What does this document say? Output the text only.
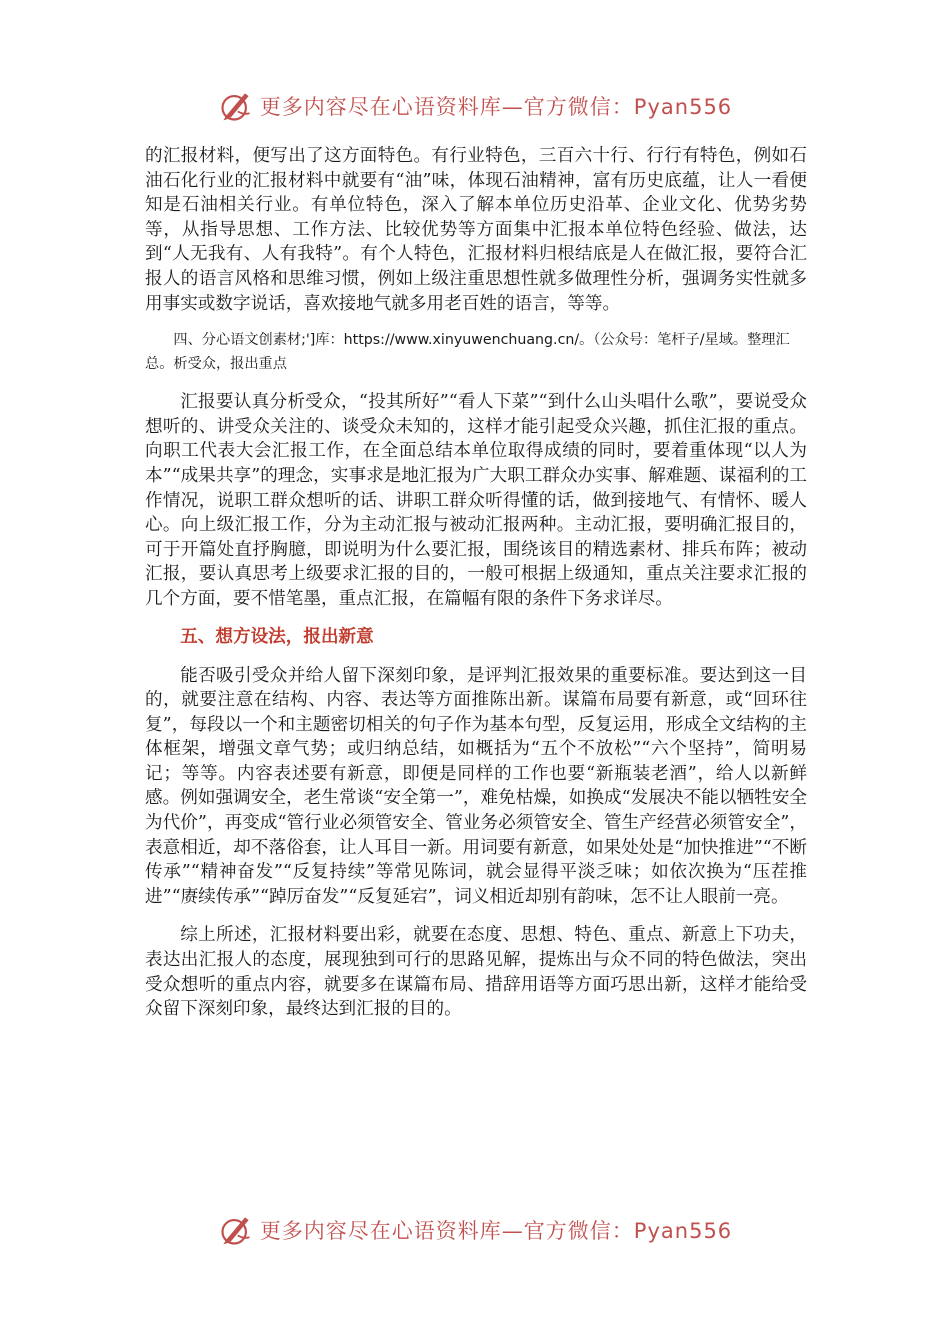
更多内容尽在心语资料库—官方微信：Pyan556

的汇报材料，便写出了这方面特色。有行业特色，三百六十行、行行有特色，例如石油石化行业的汇报材料中就要有“油”味，体现石油精神，富有历史底蕴，让人一看便知是石油相关行业。有单位特色，深入了解本单位历史沿革、企业文化、优势劣势等，从指导思想、工作方法、比较优势等方面集中汇报本单位特色经验、做法，达到“人无我有、人有我特”。有个人特色，汇报材料归根结底是人在做汇报，要符合汇报人的语言风格和思维习惯，例如上级注重思想性就多做理性分析，强调务实性就多用事实或数字说话，喜欢接地气就多用老百姓的语言，等等。

四、分心语文创素材;']库：https://www.xinyuwenchuang.cn/。（公众号：笔杆子/星域。整理汇总。析受众，报出重点

汇报要认真分析受众，“投其所好”“看人下菜”“到什么山头唱什么歌”，要说受众想听的、讲受众关注的、谈受众未知的，这样才能引起受众兴趣，抓住汇报的重点。向职工代表大会汇报工作，在全面总结本单位取得成绩的同时，要着重体现“以人为本”“成果共享”的理念，实事求是地汇报为广大职工群众办实事、解难题、谋福利的工作情况，说职工群众想听的话、讲职工群众听得懂的话，做到接地气、有情怀、暖人心。向上级汇报工作，分为主动汇报与被动汇报两种。主动汇报，要明确汇报目的，可于开篇处直抒胸臆，即说明为什么要汇报，围绕该目的精选素材、排兵布阵；被动汇报，要认真思考上级要求汇报的目的，一般可根据上级通知，重点关注要求汇报的几个方面，要不惜笔墨，重点汇报，在篇幅有限的条件下务求详尽。

五、想方设法，报出新意

能否吸引受众并给人留下深刻印象，是评判汇报效果的重要标准。要达到这一目的，就要注意在结构、内容、表达等方面推陈出新。谋篇布局要有新意，或“回环往复”，每段以一个和主题密切相关的句子作为基本句型，反复运用，形成全文结构的主体框架，增强文章气势；或归纳总结，如概括为“五个不放松”“六个坚持”，简明易记；等等。内容表述要有新意，即便是同样的工作也要“新瓶装老酒”，给人以新鲜感。例如强调安全，老生常谈“安全第一”，难免枯燥，如换成“发展决不能以牺牲安全为代价”，再变成“管行业必须管安全、管业务必须管安全、管生产经营必须管安全”，表意相近，却不落俗套，让人耳目一新。用词要有新意，如果处处是“加快推进”“不断传承”“精神奋发”“反复持续”等常见陈词，就会显得平淡乏味；如依次换为“压茬推进”“赓续传承”“踔厉奋发”“反复延宕”，词义相近却别有韵味，怎不让人眼前一亮。

综上所述，汇报材料要出彩，就要在态度、思想、特色、重点、新意上下功夫，表达出汇报人的态度，展现独到可行的思路见解，提炼出与众不同的特色做法，突出受众想听的重点内容，就要多在谋篇布局、措辞用语等方面巧思出新，这样才能给受众留下深刻印象，最终达到汇报的目的。

更多内容尽在心语资料库—官方微信：Pyan556
